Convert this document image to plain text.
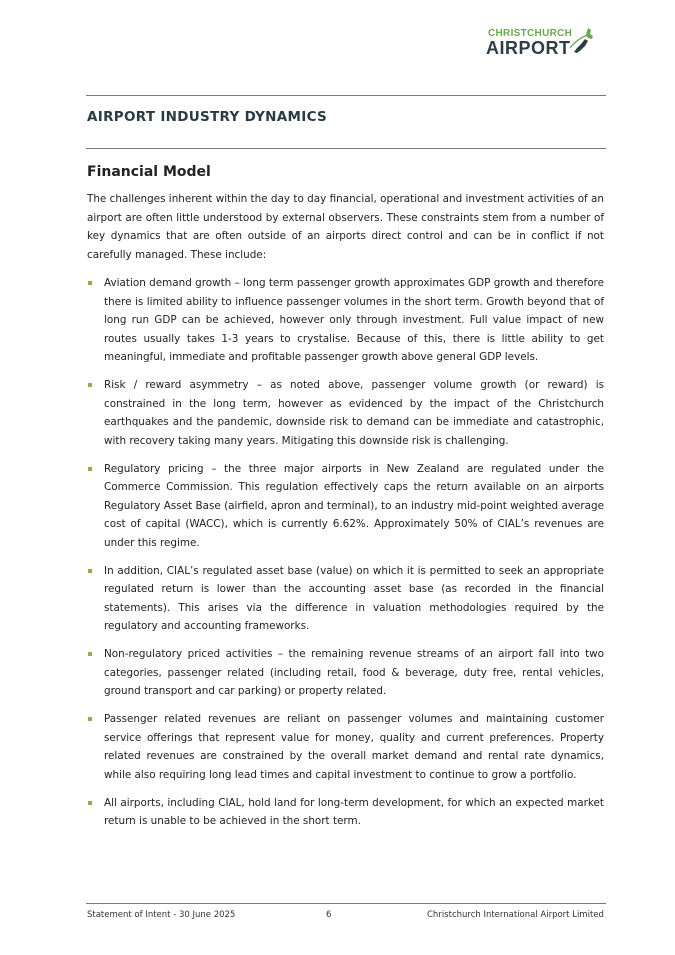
CHRISTCHURCH
AIRPORT
AIRPORT INDUSTRY DYNAMICS
Financial Model

The challenges inherent within the day to day financial, operational and investment activities of an airport are often little understood by external observers. These constraints stem from a number of key dynamics that are often outside of an airports direct control and can be in conflict if not carefully managed. These include:

Aviation demand growth – long term passenger growth approximates GDP growth and therefore there is limited ability to influence passenger volumes in the short term. Growth beyond that of long run GDP can be achieved, however only through investment. Full value impact of new routes usually takes 1-3 years to crystalise. Because of this, there is little ability to get meaningful, immediate and profitable passenger growth above general GDP levels.
Risk / reward asymmetry – as noted above, passenger volume growth (or reward) is constrained in the long term, however as evidenced by the impact of the Christchurch earthquakes and the pandemic, downside risk to demand can be immediate and catastrophic, with recovery taking many years. Mitigating this downside risk is challenging.
Regulatory pricing – the three major airports in New Zealand are regulated under the Commerce Commission. This regulation effectively caps the return available on an airports Regulatory Asset Base (airfield, apron and terminal), to an industry mid-point weighted average cost of capital (WACC), which is currently 6.62%. Approximately 50% of CIAL’s revenues are under this regime.
In addition, CIAL’s regulated asset base (value) on which it is permitted to seek an appropriate regulated return is lower than the accounting asset base (as recorded in the financial statements). This arises via the difference in valuation methodologies required by the regulatory and accounting frameworks.
Non-regulatory priced activities – the remaining revenue streams of an airport fall into two categories, passenger related (including retail, food & beverage, duty free, rental vehicles, ground transport and car parking) or property related.
Passenger related revenues are reliant on passenger volumes and maintaining customer service offerings that represent value for money, quality and current preferences. Property related revenues are constrained by the overall market demand and rental rate dynamics, while also requiring long lead times and capital investment to continue to grow a portfolio.
All airports, including CIAL, hold land for long-term development, for which an expected market return is unable to be achieved in the short term.
Statement of Intent - 30 June 2025	6	Christchurch International Airport Limited
